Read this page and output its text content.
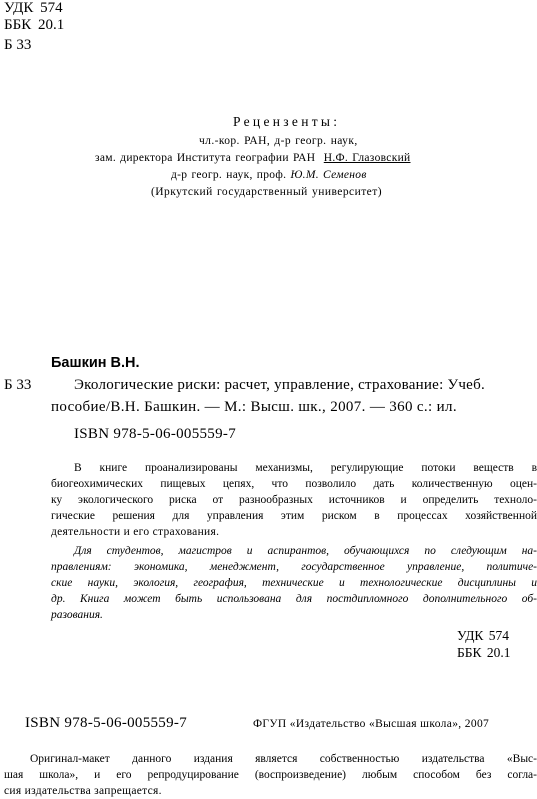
УДК 574
ББК 20.1
Б 33
Рецензенты:
чл.-кор. РАН, д-р геогр. наук,
зам. директора Института географии РАН Н.Ф. Глазовский
д-р геогр. наук, проф. Ю.М. Семенов
(Иркутский государственный университет)
Башкин В.Н.
Б 33	Экологические риски: расчет, управление, страхование: Учеб.
пособие/В.Н. Башкин. — М.: Высш. шк., 2007. — 360 с.: ил.
ISBN 978-5-06-005559-7
В книге проанализированы механизмы, регулирующие потоки веществ в
биогеохимических пищевых цепях, что позволило дать количественную оцен-
ку экологического риска от разнообразных источников и определить техноло-
гические решения для управления этим риском в процессах хозяйственной
деятельности и его страхования.
Для студентов, магистров и аспирантов, обучающихся по следующим на-
правлениям: экономика, менеджмент, государственное управление, политиче-
ские науки, экология, география, технические и технологические дисциплины и
др. Книга может быть использована для постдипломного дополнительного об-
разования.
УДК 574
ББК 20.1
ISBN 978-5-06-005559-7	ФГУП «Издательство «Высшая школа», 2007
Оригинал-макет данного издания является собственностью издательства «Выс-
шая школа», и его репродуцирование (воспроизведение) любым способом без согла-
сия издательства запрещается.
